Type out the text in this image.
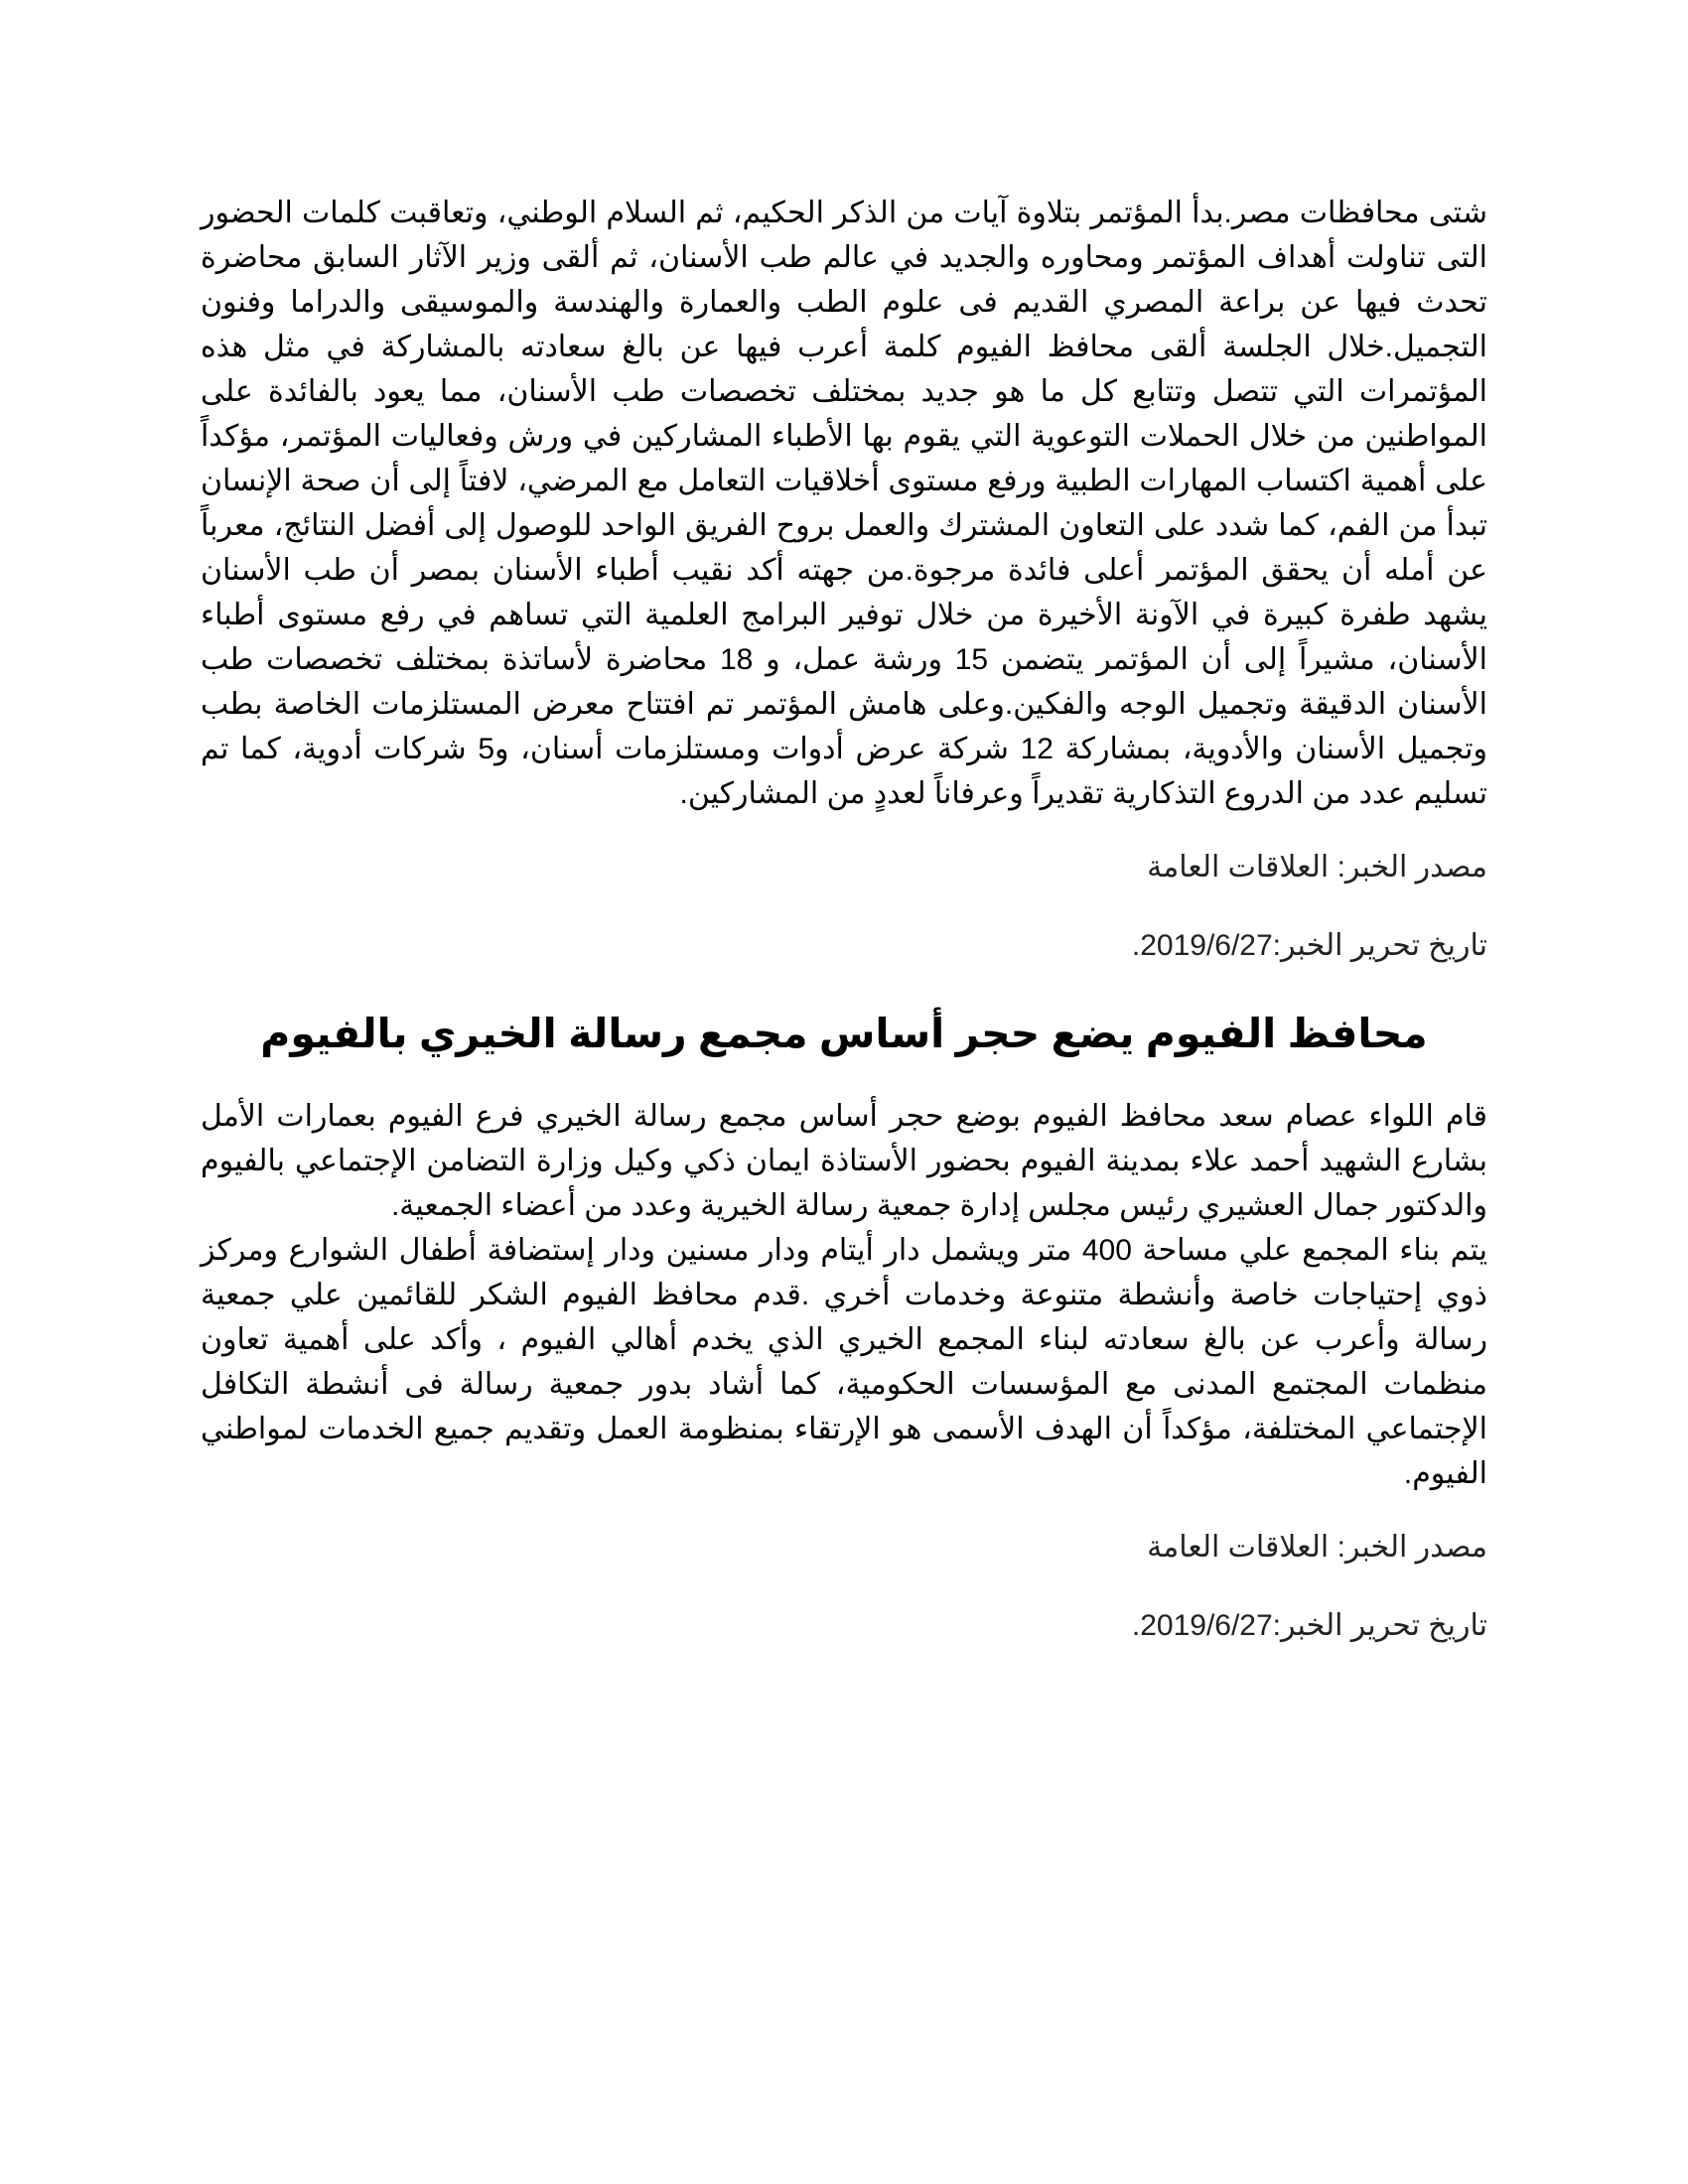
شتى محافظات مصر.بدأ المؤتمر بتلاوة آيات من الذكر الحكيم، ثم السلام الوطني، وتعاقبت كلمات الحضور التى تناولت أهداف المؤتمر ومحاوره والجديد في عالم طب الأسنان، ثم ألقى وزير الآثار السابق محاضرة تحدث فيها عن براعة المصري القديم فى علوم الطب والعمارة والهندسة والموسيقى والدراما وفنون التجميل.خلال الجلسة ألقى محافظ الفيوم كلمة أعرب فيها عن بالغ سعادته بالمشاركة في مثل هذه المؤتمرات التي تتصل وتتابع كل ما هو جديد بمختلف تخصصات طب الأسنان، مما يعود بالفائدة على المواطنين من خلال الحملات التوعوية التي يقوم بها الأطباء المشاركين في ورش وفعاليات المؤتمر، مؤكداً على أهمية اكتساب المهارات الطبية ورفع مستوى أخلاقيات التعامل مع المرضي، لافتاً إلى أن صحة الإنسان تبدأ من الفم، كما شدد على التعاون المشترك والعمل بروح الفريق الواحد للوصول إلى أفضل النتائج، معرباً عن أمله أن يحقق المؤتمر أعلى فائدة مرجوة.من جهته أكد نقيب أطباء الأسنان بمصر أن طب الأسنان يشهد طفرة كبيرة في الآونة الأخيرة من خلال توفير البرامج العلمية التي تساهم في رفع مستوى أطباء الأسنان، مشيراً إلى أن المؤتمر يتضمن 15 ورشة عمل، و 18 محاضرة لأساتذة بمختلف تخصصات طب الأسنان الدقيقة وتجميل الوجه والفكين.وعلى هامش المؤتمر تم افتتاح معرض المستلزمات الخاصة بطب وتجميل الأسنان والأدوية، بمشاركة 12 شركة عرض أدوات ومستلزمات أسنان، و5 شركات أدوية، كما تم تسليم عدد من الدروع التذكارية تقديراً وعرفاناً لعددٍ من المشاركين.

مصدر الخبر: العلاقات العامة

تاريخ تحرير الخبر:2019/6/27.

محافظ الفيوم يضع حجر أساس مجمع رسالة الخيري بالفيوم

قام اللواء عصام سعد محافظ الفيوم بوضع حجر أساس مجمع رسالة الخيري فرع الفيوم بعمارات الأمل بشارع الشهيد أحمد علاء بمدينة الفيوم بحضور الأستاذة ايمان ذكي وكيل وزارة التضامن الإجتماعي بالفيوم والدكتور جمال العشيري رئيس مجلس إدارة جمعية رسالة الخيرية وعدد من أعضاء الجمعية.

يتم بناء المجمع علي مساحة 400 متر ويشمل دار أيتام ودار مسنين ودار إستضافة أطفال الشوارع ومركز ذوي إحتياجات خاصة وأنشطة متنوعة وخدمات أخري .قدم محافظ الفيوم الشكر للقائمين علي جمعية رسالة وأعرب عن بالغ سعادته لبناء المجمع الخيري الذي يخدم أهالي الفيوم ، وأكد على أهمية تعاون منظمات المجتمع المدنى مع المؤسسات الحكومية، كما أشاد بدور جمعية رسالة فى أنشطة التكافل الإجتماعي المختلفة، مؤكداً أن الهدف الأسمى هو الإرتقاء بمنظومة العمل وتقديم جميع الخدمات لمواطني الفيوم.

مصدر الخبر: العلاقات العامة

تاريخ تحرير الخبر:2019/6/27.
